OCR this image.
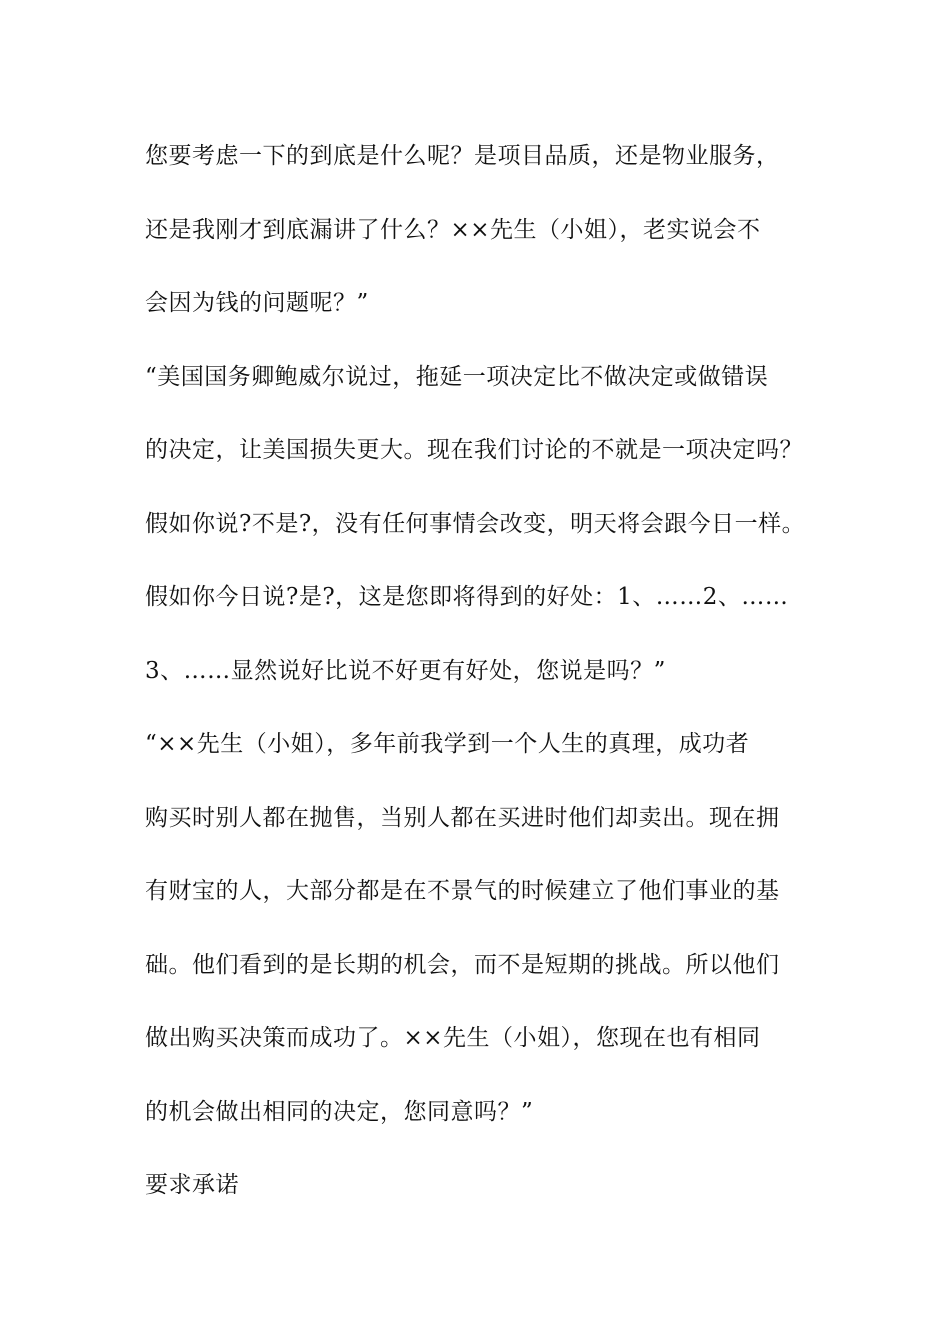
您要考虑一下的到底是什么呢？是项目品质，还是物业服务，
还是我刚才到底漏讲了什么？××先生（小姐），老实说会不
会因为钱的问题呢？”
“美国国务卿鲍威尔说过，拖延一项决定比不做决定或做错误
的决定，让美国损失更大。现在我们讨论的不就是一项决定吗？
假如你说?不是?，没有任何事情会改变，明天将会跟今日一样。
假如你今日说?是?，这是您即将得到的好处：1、……2、……
3、……显然说好比说不好更有好处，您说是吗？”
“××先生（小姐），多年前我学到一个人生的真理，成功者
购买时别人都在抛售，当别人都在买进时他们却卖出。现在拥
有财宝的人，大部分都是在不景气的时候建立了他们事业的基
础。他们看到的是长期的机会，而不是短期的挑战。所以他们
做出购买决策而成功了。××先生（小姐），您现在也有相同
的机会做出相同的决定，您同意吗？”
要求承诺
